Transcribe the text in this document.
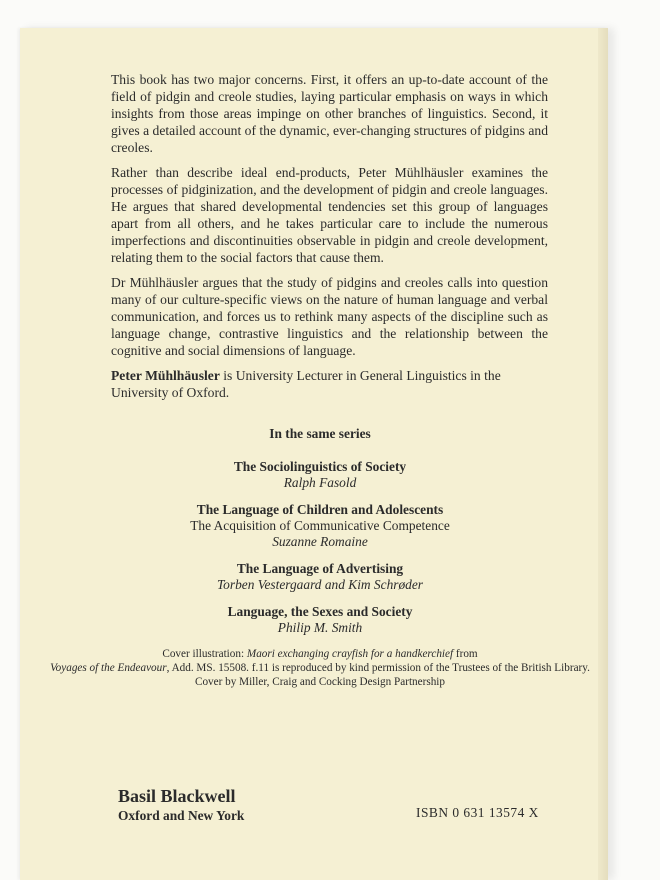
This book has two major concerns. First, it offers an up-to-date account of the field of pidgin and creole studies, laying particular emphasis on ways in which insights from those areas impinge on other branches of linguistics. Second, it gives a detailed account of the dynamic, ever-changing structures of pidgins and creoles.

Rather than describe ideal end-products, Peter Mühlhäusler examines the processes of pidginization, and the development of pidgin and creole languages. He argues that shared developmental tendencies set this group of languages apart from all others, and he takes particular care to include the numerous imperfections and discontinuities observable in pidgin and creole development, relating them to the social factors that cause them.

Dr Mühlhäusler argues that the study of pidgins and creoles calls into question many of our culture-specific views on the nature of human language and verbal communication, and forces us to rethink many aspects of the discipline such as language change, contrastive linguistics and the relationship between the cognitive and social dimensions of language.

Peter Mühlhäusler is University Lecturer in General Linguistics in the University of Oxford.

In the same series
The Sociolinguistics of Society
Ralph Fasold
The Language of Children and Adolescents
The Acquisition of Communicative Competence
Suzanne Romaine
The Language of Advertising
Torben Vestergaard and Kim Schrøder
Language, the Sexes and Society
Philip M. Smith
Cover illustration: Maori exchanging crayfish for a handkerchief from
Voyages of the Endeavour, Add. MS. 15508. f.11 is reproduced by kind permission of the Trustees of the British Library.
Cover by Miller, Craig and Cocking Design Partnership
Basil Blackwell
Oxford and New York	ISBN 0 631 13574 X
